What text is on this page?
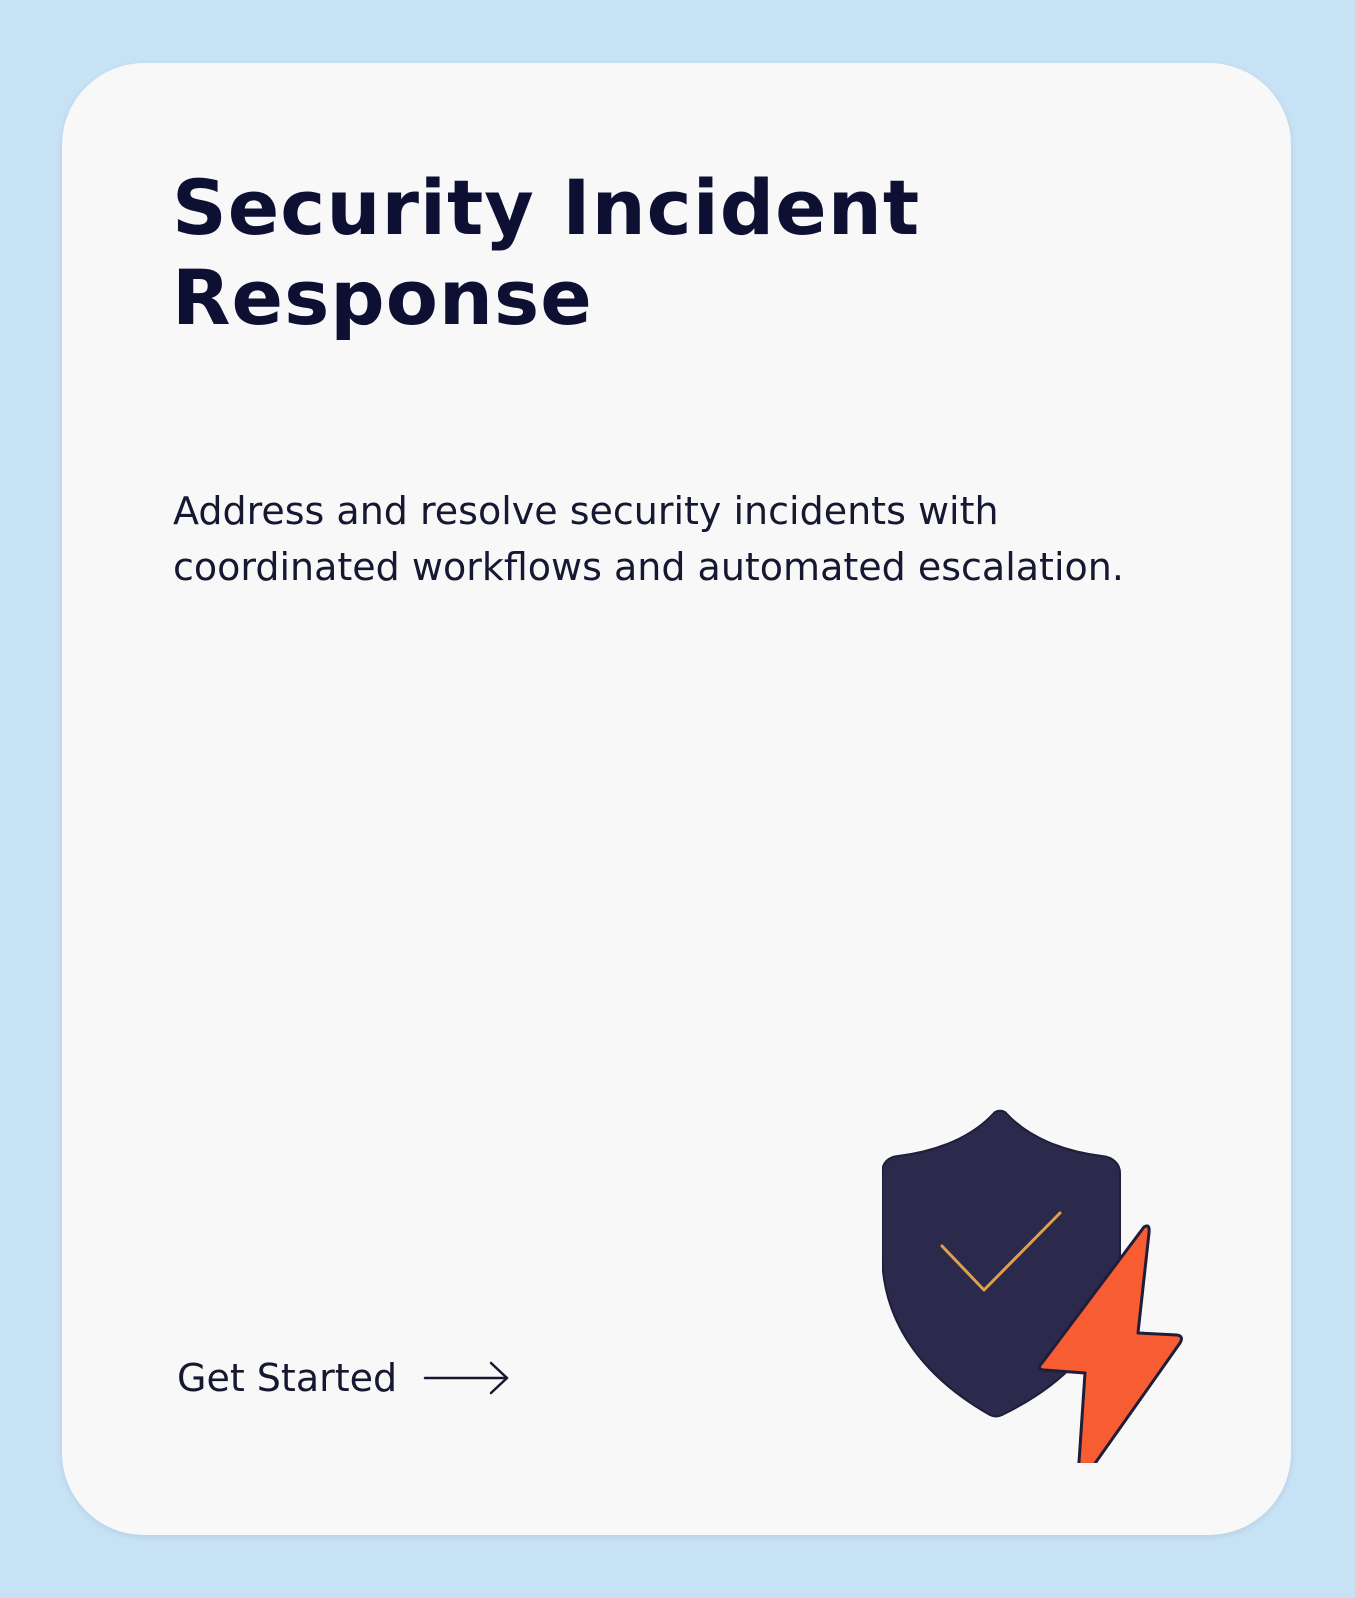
Security Incident
Response

Address and resolve security incidents with coordinated workflows and automated escalation.

Get Started
